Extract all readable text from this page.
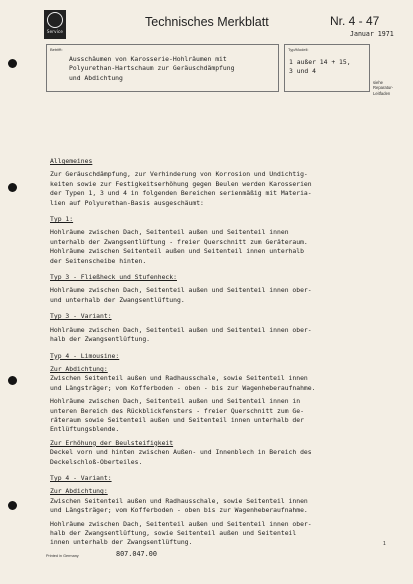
Service
Technisches Merkblatt	Nr. 4 - 47
Januar 1971
Betrifft:
Ausschäumen von Karosserie-Hohlräumen mit
Polyurethan-Hartschaum zur Geräuschdämpfung
und Abdichtung
Typ/Modell:
1 außer 14 + 15,
3 und 4
siehe
Reparatur-
Leitfaden

Allgemeines

Zur Geräuschdämpfung, zur Verhinderung von Korrosion und Undichtig-
keiten sowie zur Festigkeitserhöhung gegen Beulen werden Karosserien
der Typen 1, 3 und 4 in folgenden Bereichen serienmäßig mit Materia-
lien auf Polyurethan-Basis ausgeschäumt:

Typ 1:

Hohlräume zwischen Dach, Seitenteil außen und Seitenteil innen
unterhalb der Zwangsentlüftung - freier Querschnitt zum Geräteraum.
Hohlräume zwischen Seitenteil außen und Seitenteil innen unterhalb
der Seitenscheibe hinten.

Typ 3 - Fließheck und Stufenheck:

Hohlräume zwischen Dach, Seitenteil außen und Seitenteil innen ober-
und unterhalb der Zwangsentlüftung.

Typ 3 - Variant:

Hohlräume zwischen Dach, Seitenteil außen und Seitenteil innen ober-
halb der Zwangsentlüftung.

Typ 4 - Limousine:

Zur Abdichtung:

Zwischen Seitenteil außen und Radhausschale, sowie Seitenteil innen
und Längsträger; vom Kofferboden - oben - bis zur Wagenheberaufnahme.
Hohlräume zwischen Dach, Seitenteil außen und Seitenteil innen in
unteren Bereich des Rückblickfensters - freier Querschnitt zum Ge-
räteraum sowie Seitenteil außen und Seitenteil innen unterhalb der
Entlüftungsblende.

Zur Erhöhung der Beulsteifigkeit

Deckel vorn und hinten zwischen Außen- und Innenblech in Bereich des
Deckelschloß-Oberteiles.

Typ 4 - Variant:

Zur Abdichtung:

Zwischen Seitenteil außen und Radhausschale, sowie Seitenteil innen
und Längsträger; vom Kofferboden - oben bis zur Wagenheberaufnahme.
Hohlräume zwischen Dach, Seitenteil außen und Seitenteil innen ober-
halb der Zwangsentlüftung, sowie Seitenteil außen und Seitenteil
innen unterhalb der Zwangsentlüftung.	1
Printed in Germany	807.047.00
